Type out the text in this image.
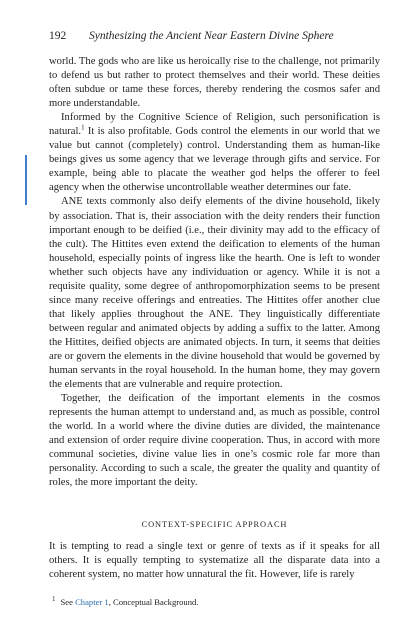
192 Synthesizing the Ancient Near Eastern Divine Sphere

world. The gods who are like us heroically rise to the challenge, not primarily to defend us but rather to protect themselves and their world. These deities often subdue or tame these forces, thereby rendering the cosmos safer and more understandable.

Informed by the Cognitive Science of Religion, such personification is natural.$^1$ It is also profitable. Gods control the elements in our world that we value but cannot (completely) control. Understanding them as human-like beings gives us some agency that we leverage through gifts and service. For example, being able to placate the weather god helps the offerer to feel agency when the otherwise uncontrollable weather determines our fate.

ANE texts commonly also deify elements of the divine household, likely by association. That is, their association with the deity renders their function important enough to be deified (i.e., their divinity may add to the efficacy of the cult). The Hittites even extend the deification to elements of the human household, especially points of ingress like the hearth. One is left to wonder whether such objects have any individuation or agency. While it is not a requisite quality, some degree of anthropomorphization seems to be present since many receive offerings and entreaties. The Hittites offer another clue that likely applies throughout the ANE. They linguistically differentiate between regular and animated objects by adding a suffix to the latter. Among the Hittites, deified objects are animated objects. In turn, it seems that deities are or govern the elements in the divine household that would be governed by human servants in the royal household. In the human home, they may govern the elements that are vulnerable and require protection.

Together, the deification of the important elements in the cosmos represents the human attempt to understand and, as much as possible, control the world. In a world where the divine duties are divided, the maintenance and extension of order require divine cooperation. Thus, in accord with more communal societies, divine value lies in one’s cosmic role far more than personality. According to such a scale, the greater the quality and quantity of roles, the more important the deity.

CONTEXT-SPECIFIC APPROACH

It is tempting to read a single text or genre of texts as if it speaks for all others. It is equally tempting to systematize all the disparate data into a coherent system, no matter how unnatural the fit. However, life is rarely

$^1$ See Chapter 1, Conceptual Background.
